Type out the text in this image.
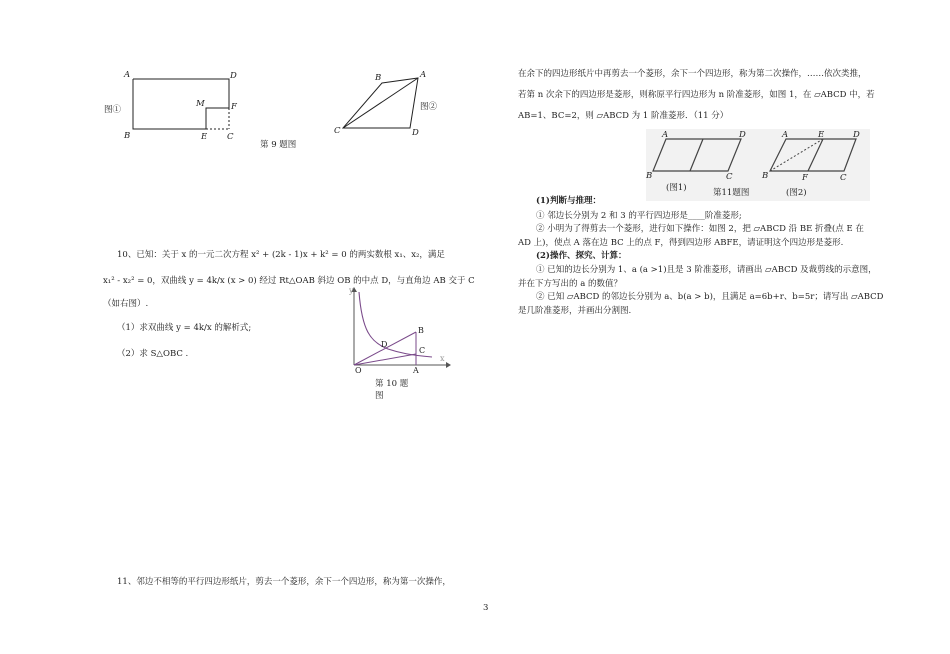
A	D
M	F
B	E C
图①
B	A
C	D
图②
第 9 题图
10、已知：关于 x 的一元二次方程 x² + (2k - 1)x + k² = 0 的两实数根 x₁、x₂，满足
x₁² - x₂² = 0，双曲线 y = 4k/x (x > 0) 经过 Rt△OAB 斜边 OB 的中点 D，与直角边 AB 交于 C
（如右图）.
（1）求双曲线 y = 4k/x 的解析式;
（2）求 S△OBC .
y
x
O	A
B
C
D
第 10 题
图
11、邻边不相等的平行四边形纸片，剪去一个菱形，余下一个四边形，称为第一次操作，
在余下的四边形纸片中再剪去一个菱形，余下一个四边形，称为第二次操作，……依次类推，
若第 n 次余下的四边形是菱形，则称原平行四边形为 n 阶准菱形，如图 1，在 ▱ABCD 中，若
AB=1、BC=2，则 ▱ABCD 为 1 阶准菱形．（11 分）
A	D
B	C
(图1)
A	E	D
B	F	C
第11题图	(图2)
(1)判断与推理：
① 邻边长分别为 2 和 3 的平行四边形是____阶准菱形;
② 小明为了得剪去一个菱形，进行如下操作：如图 2，把 ▱ABCD 沿 BE 折叠(点 E 在
AD 上)，使点 A 落在边 BC 上的点 F，得到四边形 ABFE，请证明这个四边形是菱形.
(2)操作、探究、计算：
① 已知的边长分别为 1、a (a >1)且是 3 阶准菱形，请画出 ▱ABCD 及裁剪线的示意图，
并在下方写出的 a 的数值？
② 已知 ▱ABCD 的邻边长分别为 a、b(a > b)，且满足 a=6b+r、b=5r；请写出 ▱ABCD
是几阶准菱形，并画出分割图.
3
